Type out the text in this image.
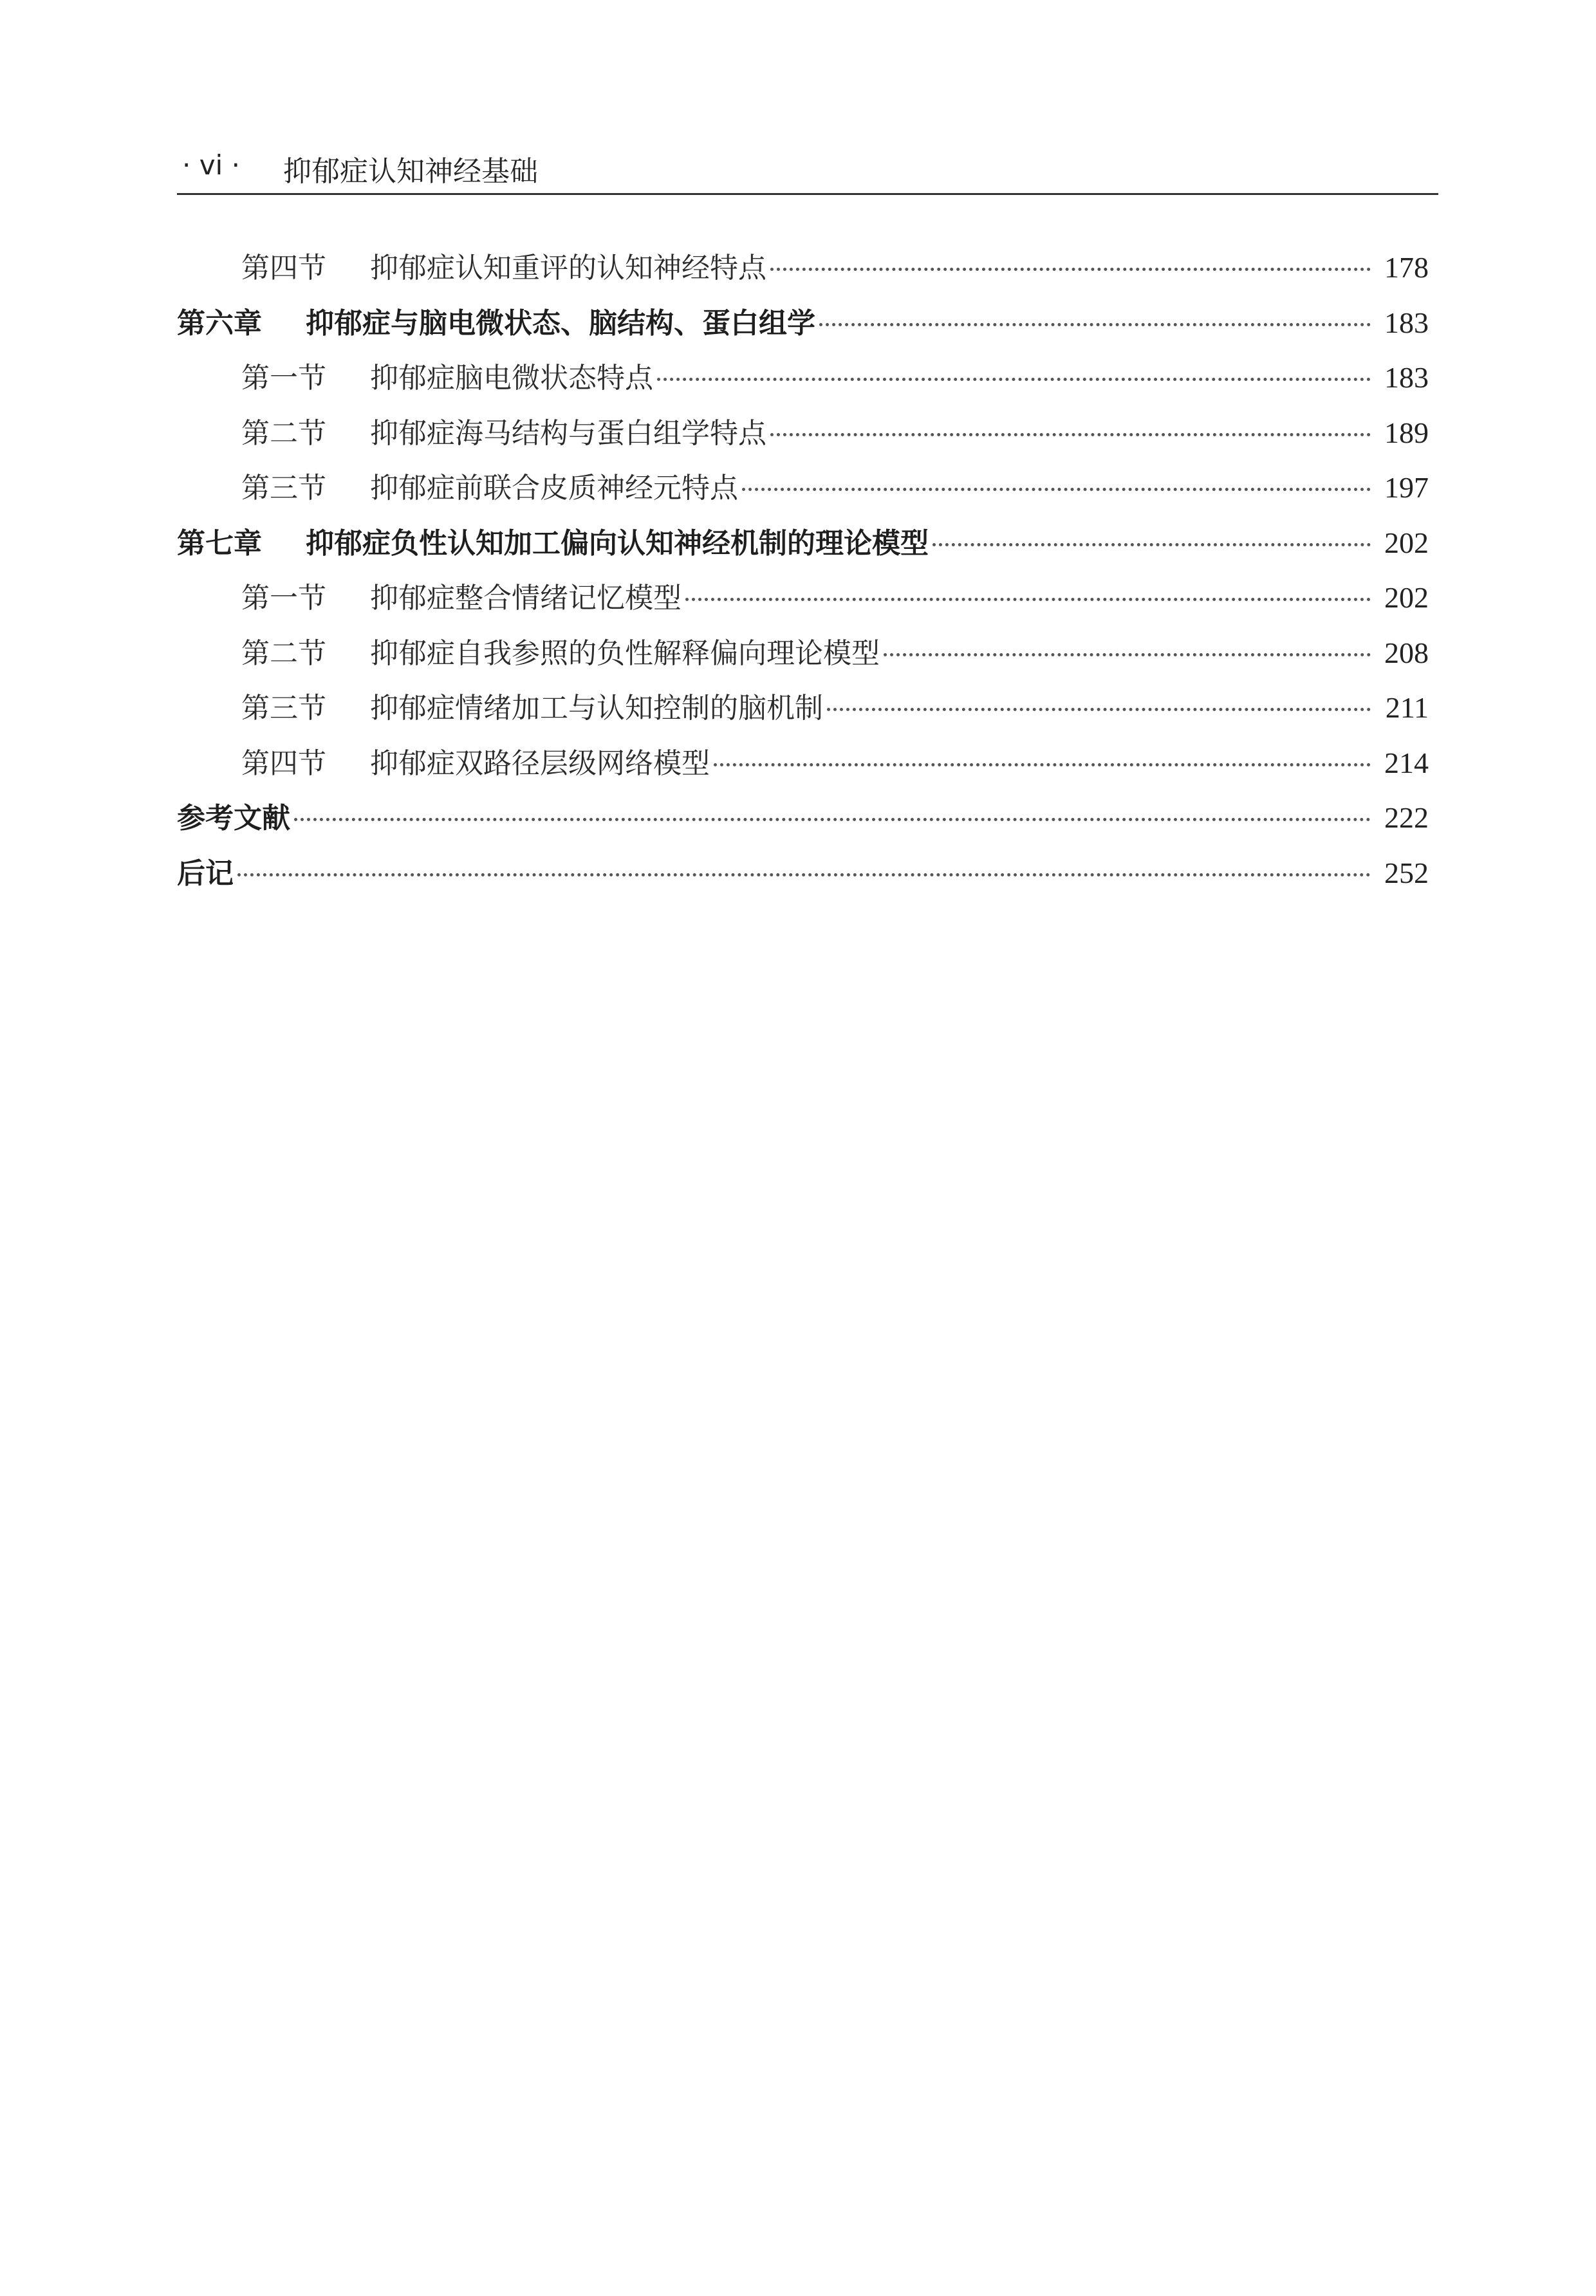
· vi · 抑郁症认知神经基础
第四节	抑郁症认知重评的认知神经特点	178
第六章	抑郁症与脑电微状态、脑结构、蛋白组学	183
第一节	抑郁症脑电微状态特点	183
第二节	抑郁症海马结构与蛋白组学特点	189
第三节	抑郁症前联合皮质神经元特点	197
第七章	抑郁症负性认知加工偏向认知神经机制的理论模型	202
第一节	抑郁症整合情绪记忆模型	202
第二节	抑郁症自我参照的负性解释偏向理论模型	208
第三节	抑郁症情绪加工与认知控制的脑机制	211
第四节	抑郁症双路径层级网络模型	214
参考文献	222
后记	252
